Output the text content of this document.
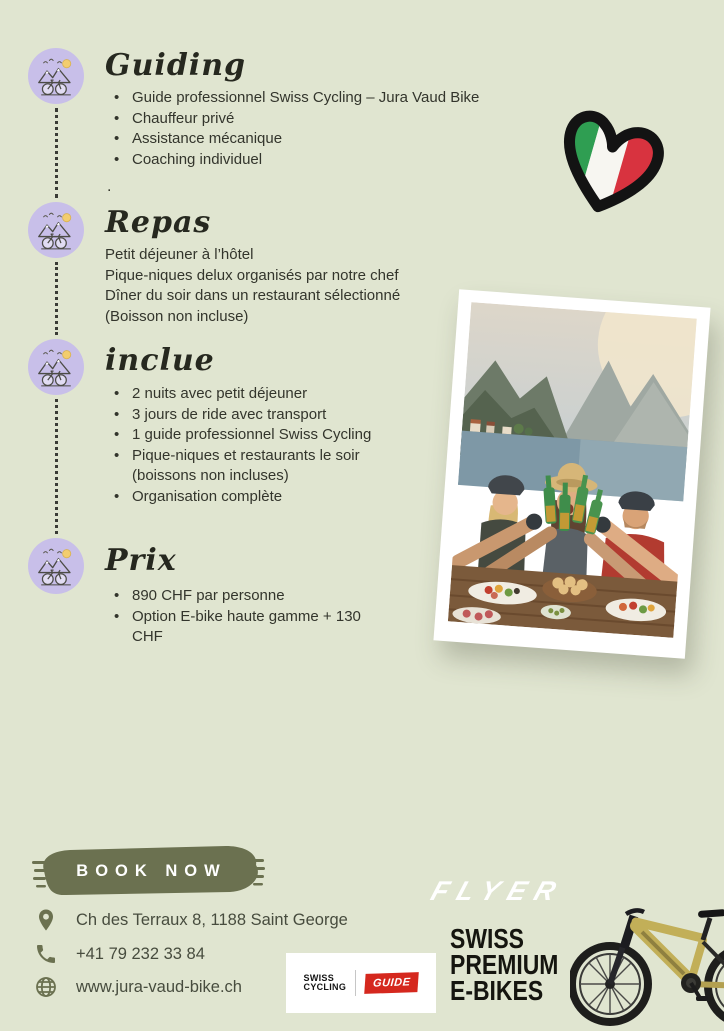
Guiding
• Guide professionnel Swiss Cycling – Jura Vaud Bike
• Chauffeur privé
• Assistance mécanique
• Coaching individuel
.
Repas
Petit déjeuner à l’hôtel
Pique-niques delux organisés par notre chef
Dîner du soir dans un restaurant sélectionné
(Boisson non incluse)
inclue
• 2 nuits avec petit déjeuner
• 3 jours de ride avec transport
• 1 guide professionnel Swiss Cycling
• Pique-niques et restaurants le soir (boissons non incluses)
• Organisation complète
Prix
• 890 CHF par personne
• Option E-bike haute gamme + 130 CHF
BOOK NOW
Ch des Terraux 8, 1188 Saint George
+41 79 232 33 84
www.jura-vaud-bike.ch	SWISS
CYCLING	GUIDE
FLYER
SWISS
PREMIUM
E-BIKES
